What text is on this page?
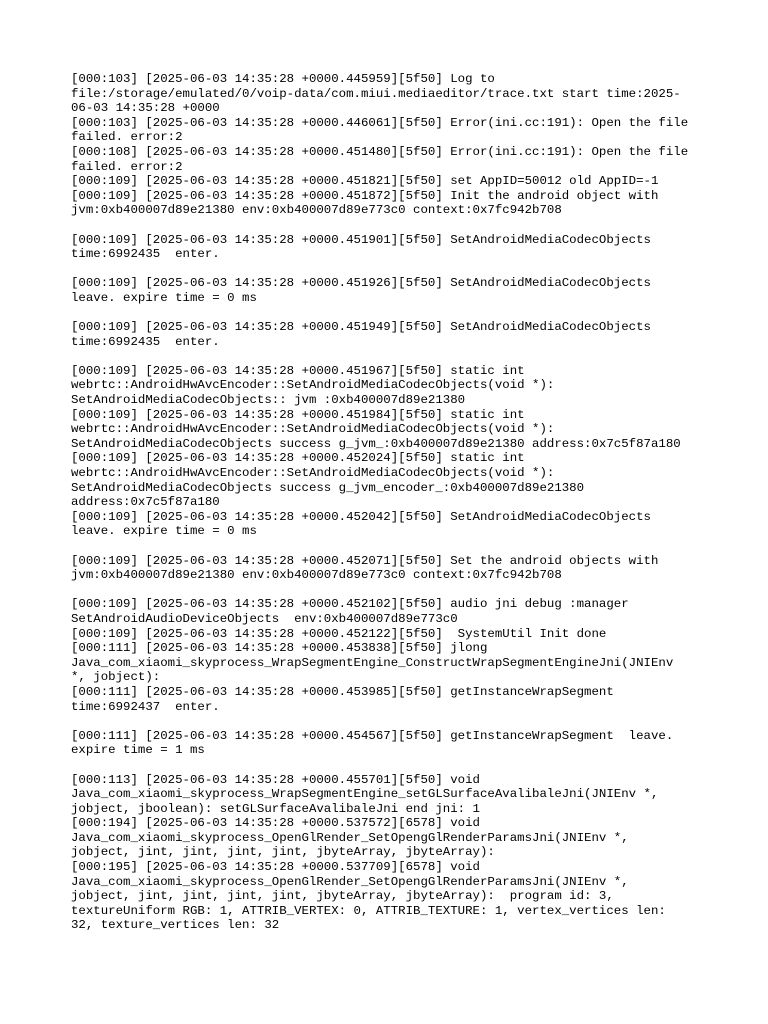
[000:103] [2025-06-03 14:35:28 +0000.445959][5f50] Log to
file:/storage/emulated/0/voip-data/com.miui.mediaeditor/trace.txt start time:2025-
06-03 14:35:28 +0000
[000:103] [2025-06-03 14:35:28 +0000.446061][5f50] Error(ini.cc:191): Open the file
failed. error:2
[000:108] [2025-06-03 14:35:28 +0000.451480][5f50] Error(ini.cc:191): Open the file
failed. error:2
[000:109] [2025-06-03 14:35:28 +0000.451821][5f50] set AppID=50012 old AppID=-1
[000:109] [2025-06-03 14:35:28 +0000.451872][5f50] Init the android object with
jvm:0xb400007d89e21380 env:0xb400007d89e773c0 context:0x7fc942b708
[000:109] [2025-06-03 14:35:28 +0000.451901][5f50] SetAndroidMediaCodecObjects
time:6992435  enter.
[000:109] [2025-06-03 14:35:28 +0000.451926][5f50] SetAndroidMediaCodecObjects
leave. expire time = 0 ms
[000:109] [2025-06-03 14:35:28 +0000.451949][5f50] SetAndroidMediaCodecObjects
time:6992435  enter.
[000:109] [2025-06-03 14:35:28 +0000.451967][5f50] static int
webrtc::AndroidHwAvcEncoder::SetAndroidMediaCodecObjects(void *):
SetAndroidMediaCodecObjects:: jvm :0xb400007d89e21380
[000:109] [2025-06-03 14:35:28 +0000.451984][5f50] static int
webrtc::AndroidHwAvcEncoder::SetAndroidMediaCodecObjects(void *):
SetAndroidMediaCodecObjects success g_jvm_:0xb400007d89e21380 address:0x7c5f87a180
[000:109] [2025-06-03 14:35:28 +0000.452024][5f50] static int
webrtc::AndroidHwAvcEncoder::SetAndroidMediaCodecObjects(void *):
SetAndroidMediaCodecObjects success g_jvm_encoder_:0xb400007d89e21380
address:0x7c5f87a180
[000:109] [2025-06-03 14:35:28 +0000.452042][5f50] SetAndroidMediaCodecObjects
leave. expire time = 0 ms
[000:109] [2025-06-03 14:35:28 +0000.452071][5f50] Set the android objects with
jvm:0xb400007d89e21380 env:0xb400007d89e773c0 context:0x7fc942b708
[000:109] [2025-06-03 14:35:28 +0000.452102][5f50] audio jni debug :manager
SetAndroidAudioDeviceObjects  env:0xb400007d89e773c0
[000:109] [2025-06-03 14:35:28 +0000.452122][5f50]  SystemUtil Init done
[000:111] [2025-06-03 14:35:28 +0000.453838][5f50] jlong
Java_com_xiaomi_skyprocess_WrapSegmentEngine_ConstructWrapSegmentEngineJni(JNIEnv
*, jobject):
[000:111] [2025-06-03 14:35:28 +0000.453985][5f50] getInstanceWrapSegment
time:6992437  enter.
[000:111] [2025-06-03 14:35:28 +0000.454567][5f50] getInstanceWrapSegment  leave.
expire time = 1 ms
[000:113] [2025-06-03 14:35:28 +0000.455701][5f50] void
Java_com_xiaomi_skyprocess_WrapSegmentEngine_setGLSurfaceAvalibaleJni(JNIEnv *,
jobject, jboolean): setGLSurfaceAvalibaleJni end jni: 1
[000:194] [2025-06-03 14:35:28 +0000.537572][6578] void
Java_com_xiaomi_skyprocess_OpenGlRender_SetOpengGlRenderParamsJni(JNIEnv *,
jobject, jint, jint, jint, jint, jbyteArray, jbyteArray):
[000:195] [2025-06-03 14:35:28 +0000.537709][6578] void
Java_com_xiaomi_skyprocess_OpenGlRender_SetOpengGlRenderParamsJni(JNIEnv *,
jobject, jint, jint, jint, jint, jbyteArray, jbyteArray):  program id: 3,
textureUniform RGB: 1, ATTRIB_VERTEX: 0, ATTRIB_TEXTURE: 1, vertex_vertices len:
32, texture_vertices len: 32
